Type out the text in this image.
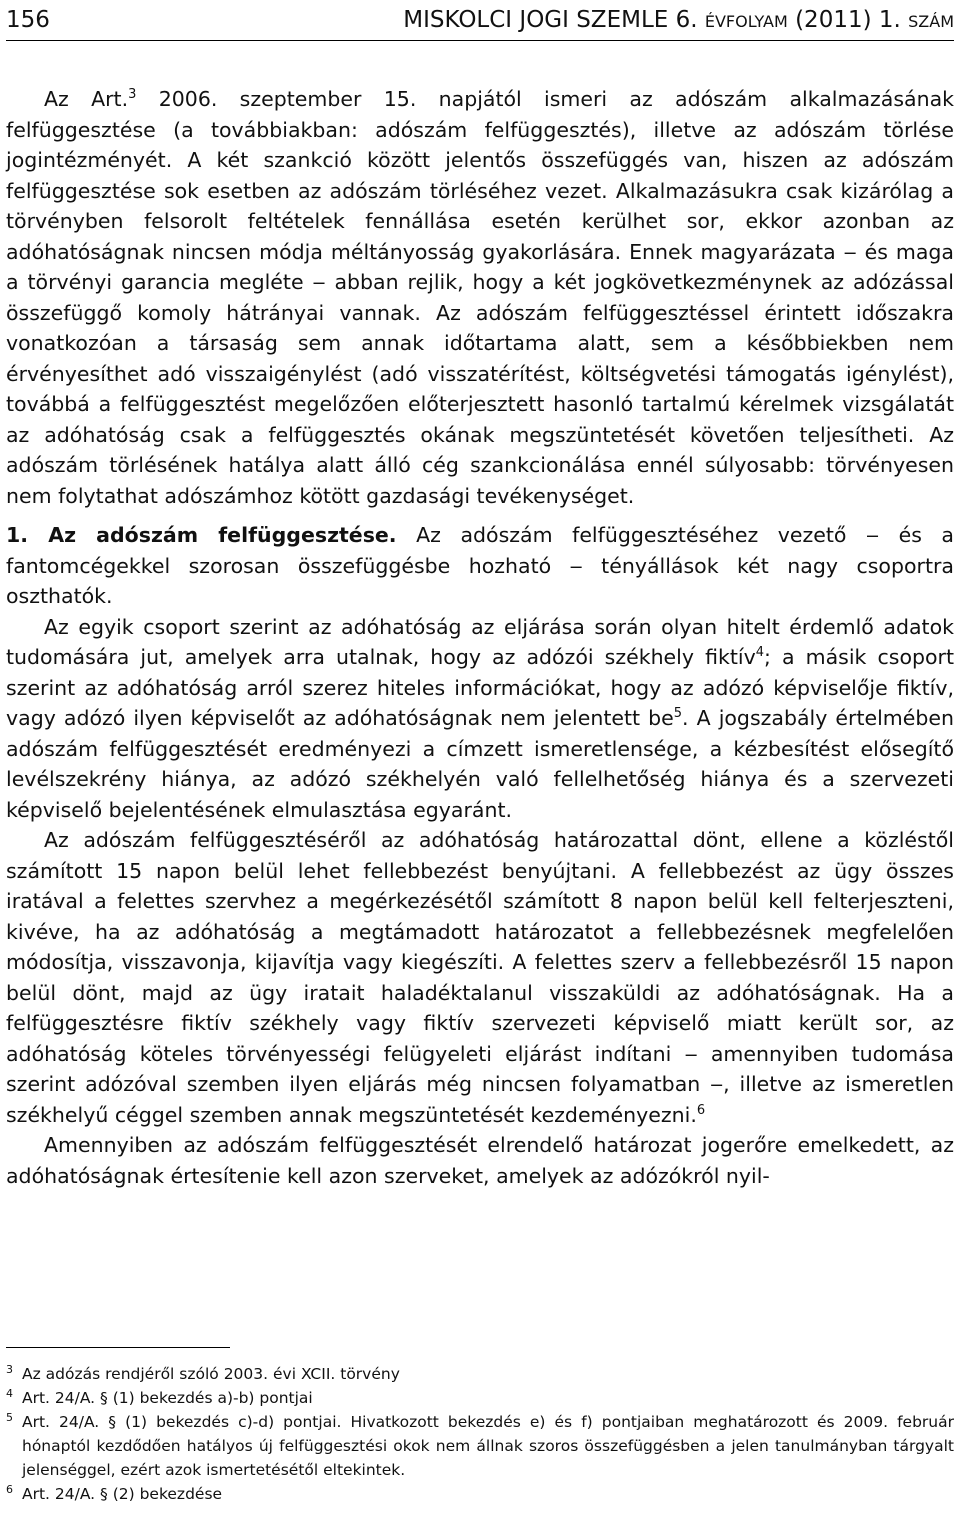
156	MISKOLCI JOGI SZEMLE 6. évfolyam (2011) 1. szám

Az Art.$^3$ 2006. szeptember 15. napjától ismeri az adószám alkalmazásának felfüggesztése (a továbbiakban: adószám felfüggesztés), illetve az adószám törlése jogintézményét. A két szankció között jelentős összefüggés van, hiszen az adószám felfüggesztése sok esetben az adószám törléséhez vezet. Alkalmazásukra csak kizárólag a törvényben felsorolt feltételek fennállása esetén kerülhet sor, ekkor azonban az adóhatóságnak nincsen módja méltányosság gyakorlására. Ennek magyarázata ‒ és maga a törvényi garancia megléte ‒ abban rejlik, hogy a két jogkövetkezménynek az adózással összefüggő komoly hátrányai vannak. Az adószám felfüggesztéssel érintett időszakra vonatkozóan a társaság sem annak időtartama alatt, sem a későbbiekben nem érvényesíthet adó visszaigénylést (adó visszatérítést, költségvetési támogatás igénylést), továbbá a felfüggesztést megelőzően előterjesztett hasonló tartalmú kérelmek vizsgálatát az adóhatóság csak a felfüggesztés okának megszüntetését követően teljesítheti. Az adószám törlésének hatálya alatt álló cég szankcionálása ennél súlyosabb: törvényesen nem folytathat adószámhoz kötött gazdasági tevékenységet.

1. Az adószám felfüggesztése. Az adószám felfüggesztéséhez vezető ‒ és a fantomcégekkel szorosan összefüggésbe hozható ‒ tényállások két nagy csoportra oszthatók.

Az egyik csoport szerint az adóhatóság az eljárása során olyan hitelt érdemlő adatok tudomására jut, amelyek arra utalnak, hogy az adózói székhely fiktív$^4$; a másik csoport szerint az adóhatóság arról szerez hiteles információkat, hogy az adózó képviselője fiktív, vagy adózó ilyen képviselőt az adóhatóságnak nem jelentett $be^5$. A jogszabály értelmében adószám felfüggesztését eredményezi a címzett ismeretlensége, a kézbesítést elősegítő levélszekrény hiánya, az adózó székhelyén való fellelhetőség hiánya és a szervezeti képviselő bejelentésének elmulasztása egyaránt.

Az adószám felfüggesztéséről az adóhatóság határozattal dönt, ellene a közléstől számított 15 napon belül lehet fellebbezést benyújtani. A fellebbezést az ügy összes iratával a felettes szervhez a megérkezésétől számított 8 napon belül kell felterjeszteni, kivéve, ha az adóhatóság a megtámadott határozatot a fellebbezésnek megfelelően módosítja, visszavonja, kijavítja vagy kiegészíti. A felettes szerv a fellebbezésről 15 napon belül dönt, majd az ügy iratait haladéktalanul visszaküldi az adóhatóságnak. Ha a felfüggesztésre fiktív székhely vagy fiktív szervezeti képviselő miatt került sor, az adóhatóság köteles törvényességi felügyeleti eljárást indítani ‒ amennyiben tudomása szerint adózóval szemben ilyen eljárás még nincsen folyamatban ‒, illetve az ismeretlen székhelyű céggel szemben annak megszüntetését kezdeményezni.$^6$

Amennyiben az adószám felfüggesztését elrendelő határozat jogerőre emelkedett, az adóhatóságnak értesítenie kell azon szerveket, amelyek az adózókról nyil-

3 Az adózás rendjéről szóló 2003. évi XCII. törvény
4 Art. 24/A. § (1) bekezdés a)-b) pontjai
5 Art. 24/A. § (1) bekezdés c)-d) pontjai. Hivatkozott bekezdés e) és f) pontjaiban meghatározott és 2009. február hónaptól kezdődően hatályos új felfüggesztési okok nem állnak szoros összefüggésben a jelen tanulmányban tárgyalt jelenséggel, ezért azok ismertetésétől eltekintek.
6 Art. 24/A. § (2) bekezdése
